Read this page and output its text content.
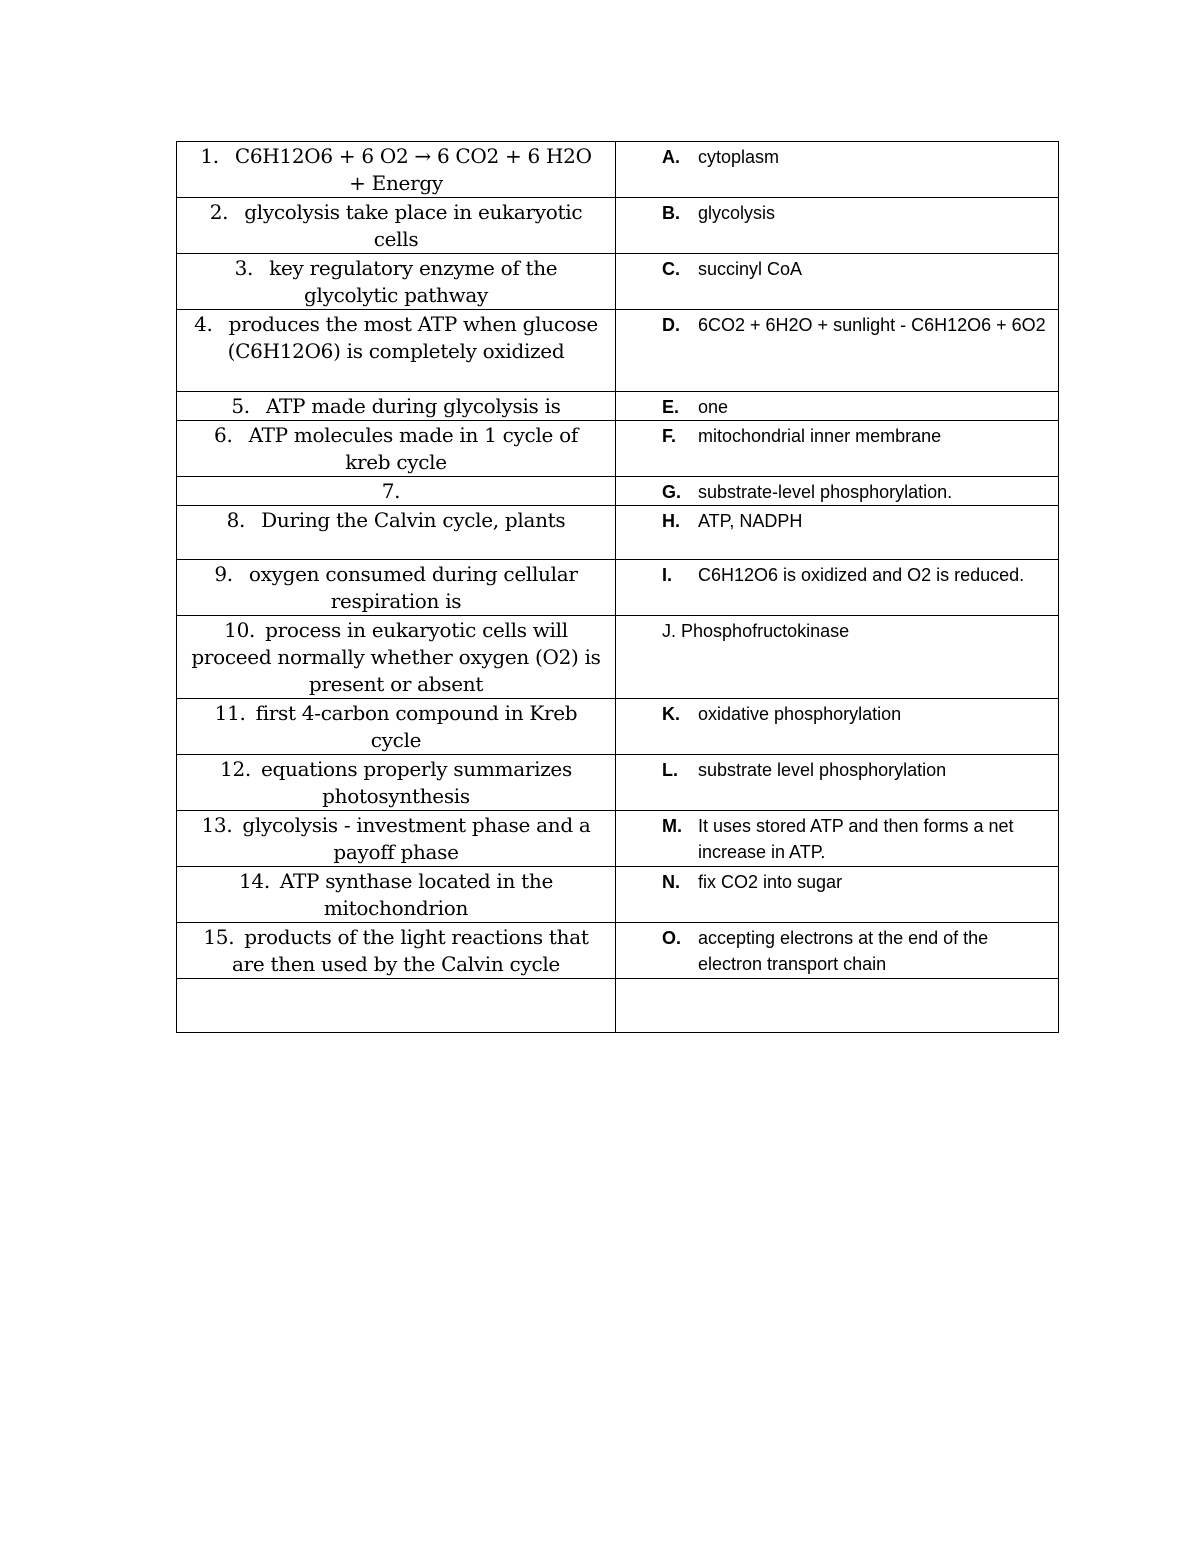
1. C6H12O6 + 6 O2 → 6 CO2 + 6 H2O + Energy	A. cytoplasm

2. glycolysis take place in eukaryotic cells	B. glycolysis

3. key regulatory enzyme of the glycolytic pathway	C. succinyl CoA

4. produces the most ATP when glucose (C6H12O6) is completely oxidized	D. 6CO2 + 6H2O + sunlight - C6H12O6 + 6O2

5. ATP made during glycolysis is	E. one

6. ATP molecules made in 1 cycle of kreb cycle	F. mitochondrial inner membrane

7.	G. substrate-level phosphorylation.

8. During the Calvin cycle, plants	H. ATP, NADPH

9. oxygen consumed during cellular respiration is	I. C6H12O6 is oxidized and O2 is reduced.

10. process in eukaryotic cells will proceed normally whether oxygen (O2) is present or absent	J. Phosphofructokinase

11. first 4-carbon compound in Kreb cycle	K. oxidative phosphorylation

12. equations properly summarizes photosynthesis	L. substrate level phosphorylation

13. glycolysis - investment phase and a payoff phase	M. It uses stored ATP and then forms a net increase in ATP.

14. ATP synthase located in the mitochondrion	N. fix CO2 into sugar

15. products of the light reactions that are then used by the Calvin cycle	O. accepting electrons at the end of the electron transport chain
